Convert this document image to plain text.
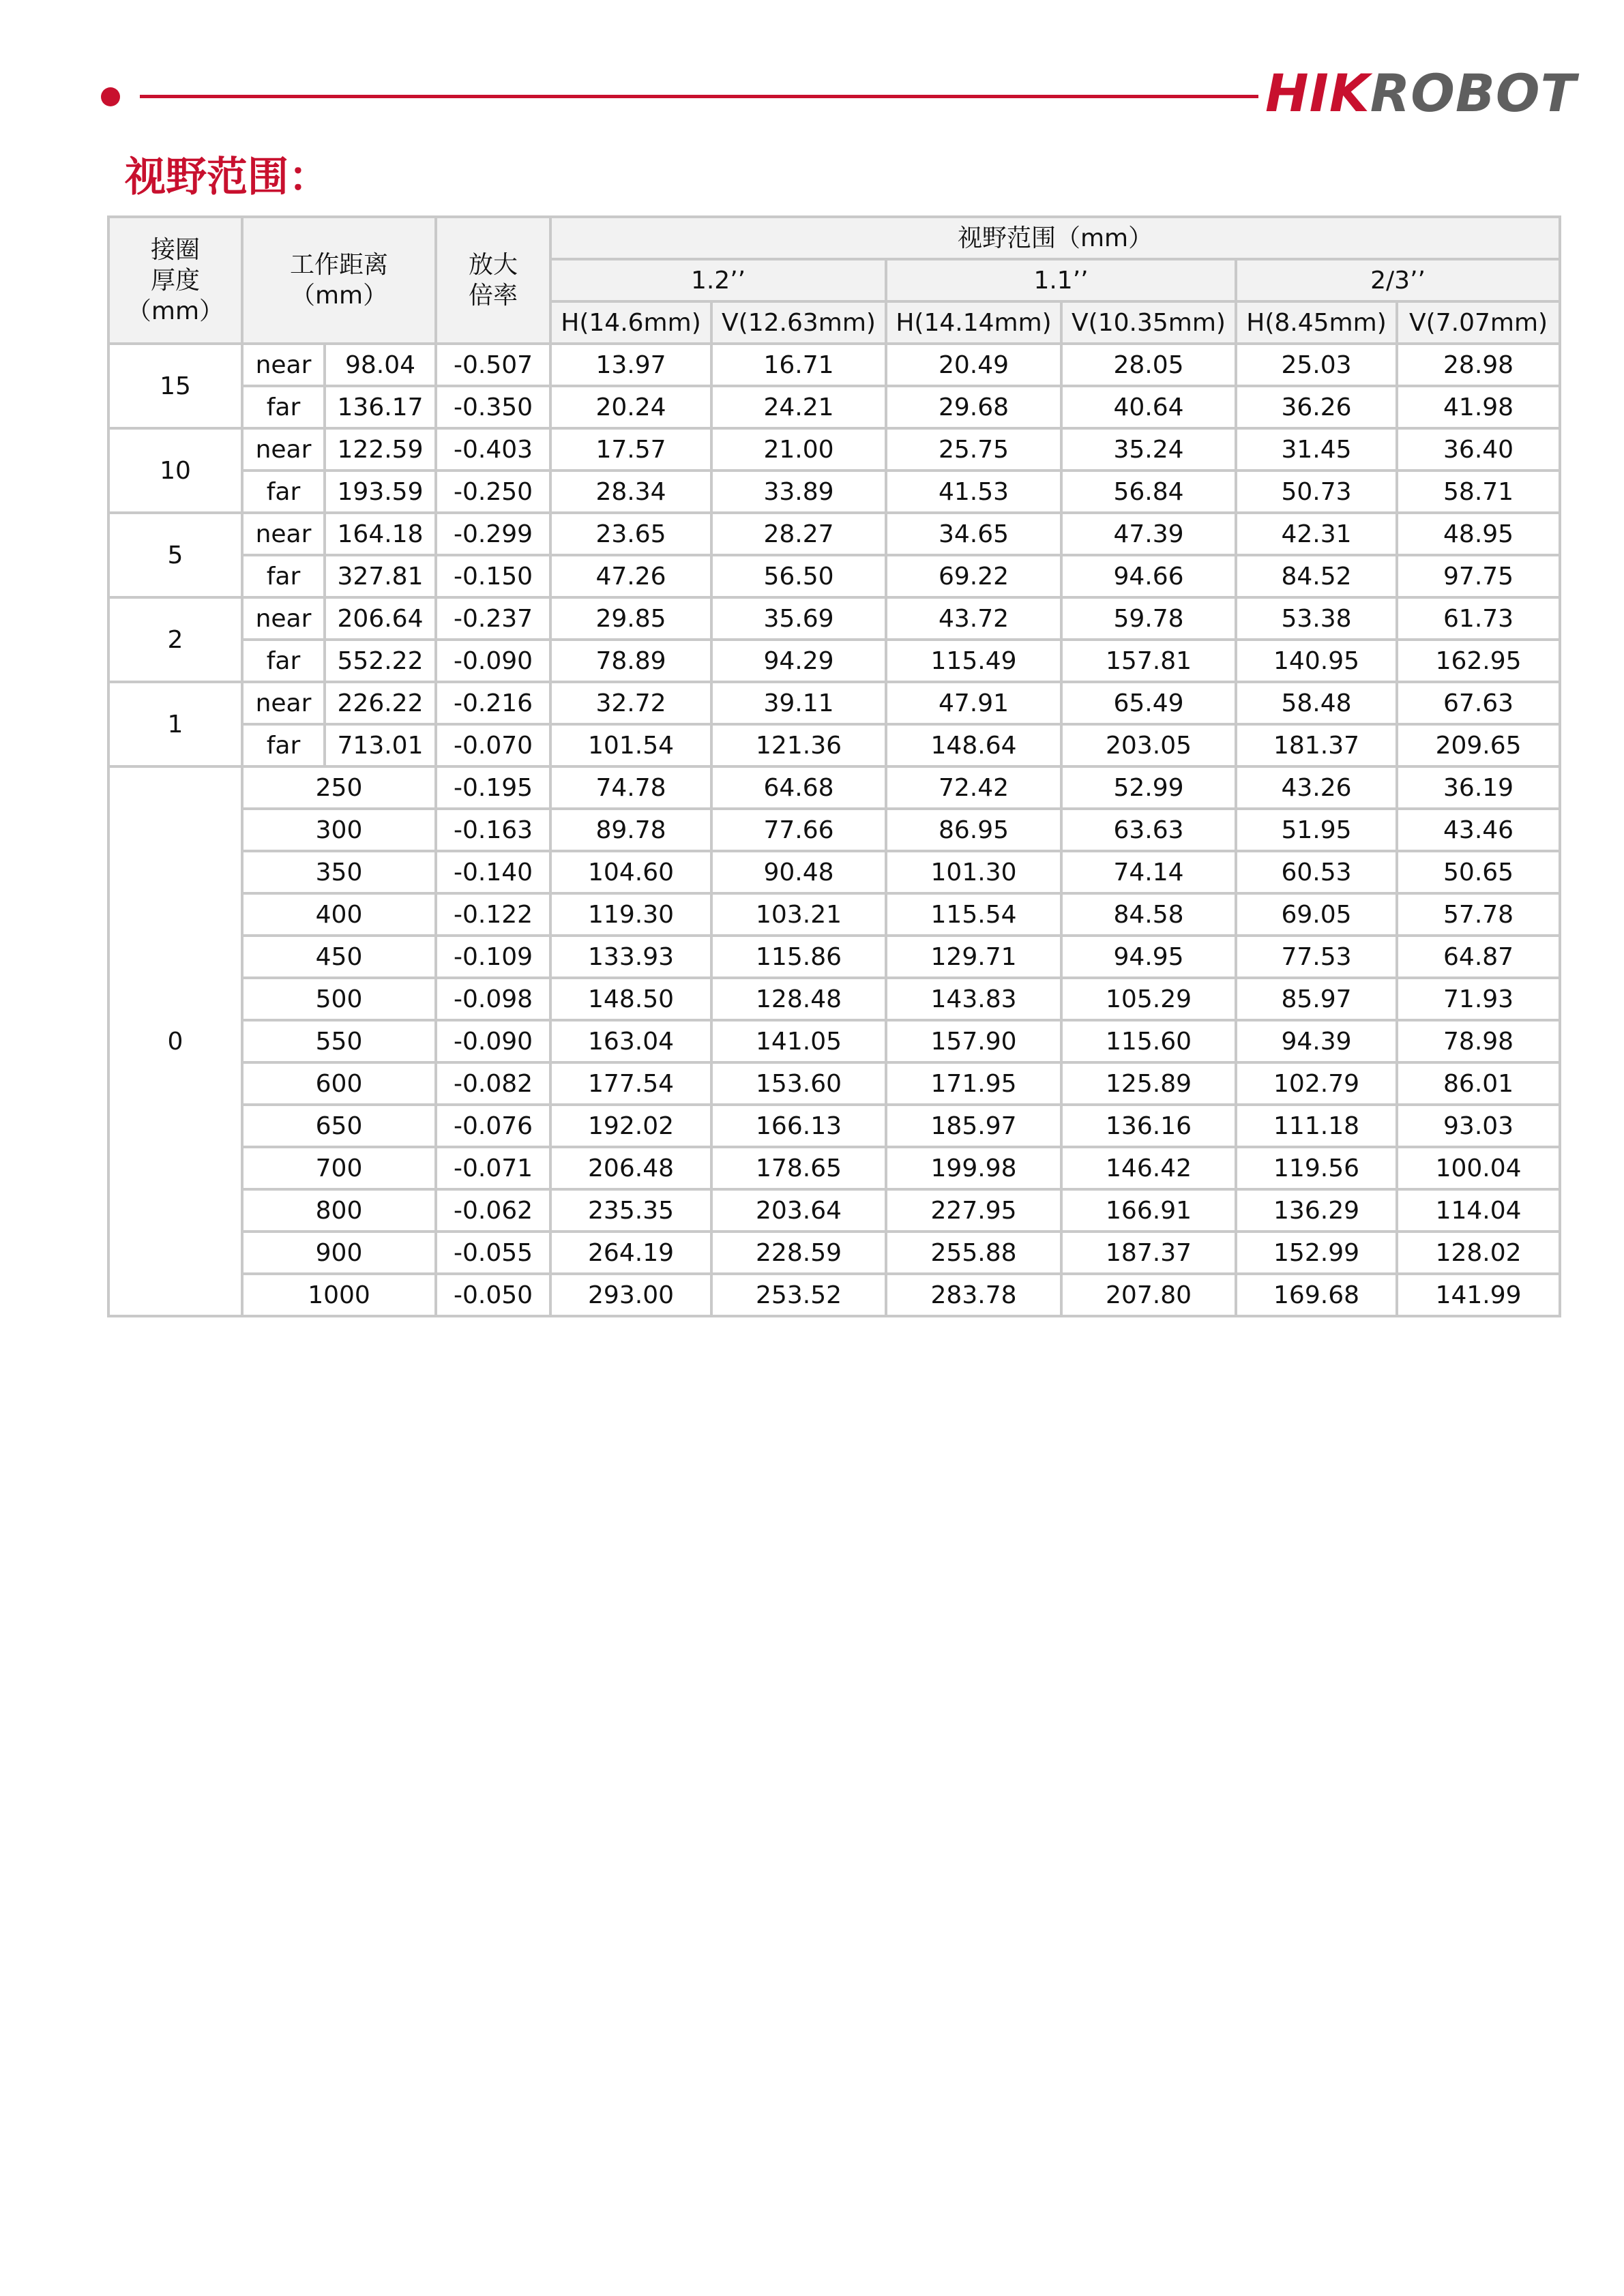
HIKROBOT
视野范围：
接圈
厚度
（mm）	工作距离
（mm）		放大
倍率	视野范围（mm）					
				1.2’’		1.1’’		2/3’’	
				H(14.6mm)	V(12.63mm)	H(14.14mm)	V(10.35mm)	H(8.45mm)	V(7.07mm)
15	near	98.04	-0.507	13.97	16.71	20.49	28.05	25.03	28.98
	far	136.17	-0.350	20.24	24.21	29.68	40.64	36.26	41.98
10	near	122.59	-0.403	17.57	21.00	25.75	35.24	31.45	36.40
	far	193.59	-0.250	28.34	33.89	41.53	56.84	50.73	58.71
5	near	164.18	-0.299	23.65	28.27	34.65	47.39	42.31	48.95
	far	327.81	-0.150	47.26	56.50	69.22	94.66	84.52	97.75
2	near	206.64	-0.237	29.85	35.69	43.72	59.78	53.38	61.73
	far	552.22	-0.090	78.89	94.29	115.49	157.81	140.95	162.95
1	near	226.22	-0.216	32.72	39.11	47.91	65.49	58.48	67.63
	far	713.01	-0.070	101.54	121.36	148.64	203.05	181.37	209.65
0	250		-0.195	74.78	64.68	72.42	52.99	43.26	36.19
	300		-0.163	89.78	77.66	86.95	63.63	51.95	43.46
	350		-0.140	104.60	90.48	101.30	74.14	60.53	50.65
	400		-0.122	119.30	103.21	115.54	84.58	69.05	57.78
	450		-0.109	133.93	115.86	129.71	94.95	77.53	64.87
	500		-0.098	148.50	128.48	143.83	105.29	85.97	71.93
	550		-0.090	163.04	141.05	157.90	115.60	94.39	78.98
	600		-0.082	177.54	153.60	171.95	125.89	102.79	86.01
	650		-0.076	192.02	166.13	185.97	136.16	111.18	93.03
	700		-0.071	206.48	178.65	199.98	146.42	119.56	100.04
	800		-0.062	235.35	203.64	227.95	166.91	136.29	114.04
	900		-0.055	264.19	228.59	255.88	187.37	152.99	128.02
	1000		-0.050	293.00	253.52	283.78	207.80	169.68	141.99
